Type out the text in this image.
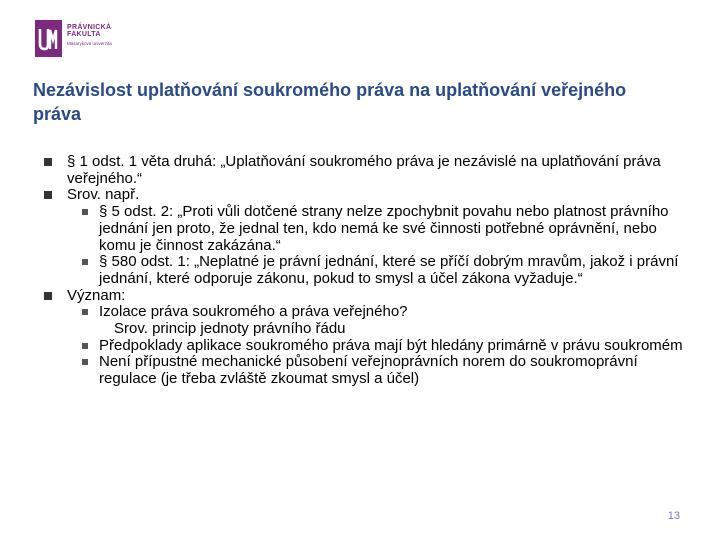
PRÁVNICKÁ
FAKULTA
Masarykova univerzita
Nezávislost uplatňování soukromého práva na uplatňování veřejného práva
§ 1 odst. 1 věta druhá: „Uplatňování soukromého práva je nezávislé na uplatňování práva veřejného.“
Srov. např.
§ 5 odst. 2: „Proti vůli dotčené strany nelze zpochybnit povahu nebo platnost právního jednání jen proto, že jednal ten, kdo nemá ke své činnosti potřebné oprávnění, nebo komu je činnost zakázána.“
§ 580 odst. 1: „Neplatné je právní jednání, které se příčí dobrým mravům, jakož i právní jednání, které odporuje zákonu, pokud to smysl a účel zákona vyžaduje.“
Význam:
Izolace práva soukromého a práva veřejného?
Srov. princip jednoty právního řádu
Předpoklady aplikace soukromého práva mají být hledány primárně v právu soukromém
Není přípustné mechanické působení veřejnoprávních norem do soukromoprávní regulace (je třeba zvláště zkoumat smysl a účel)
13
